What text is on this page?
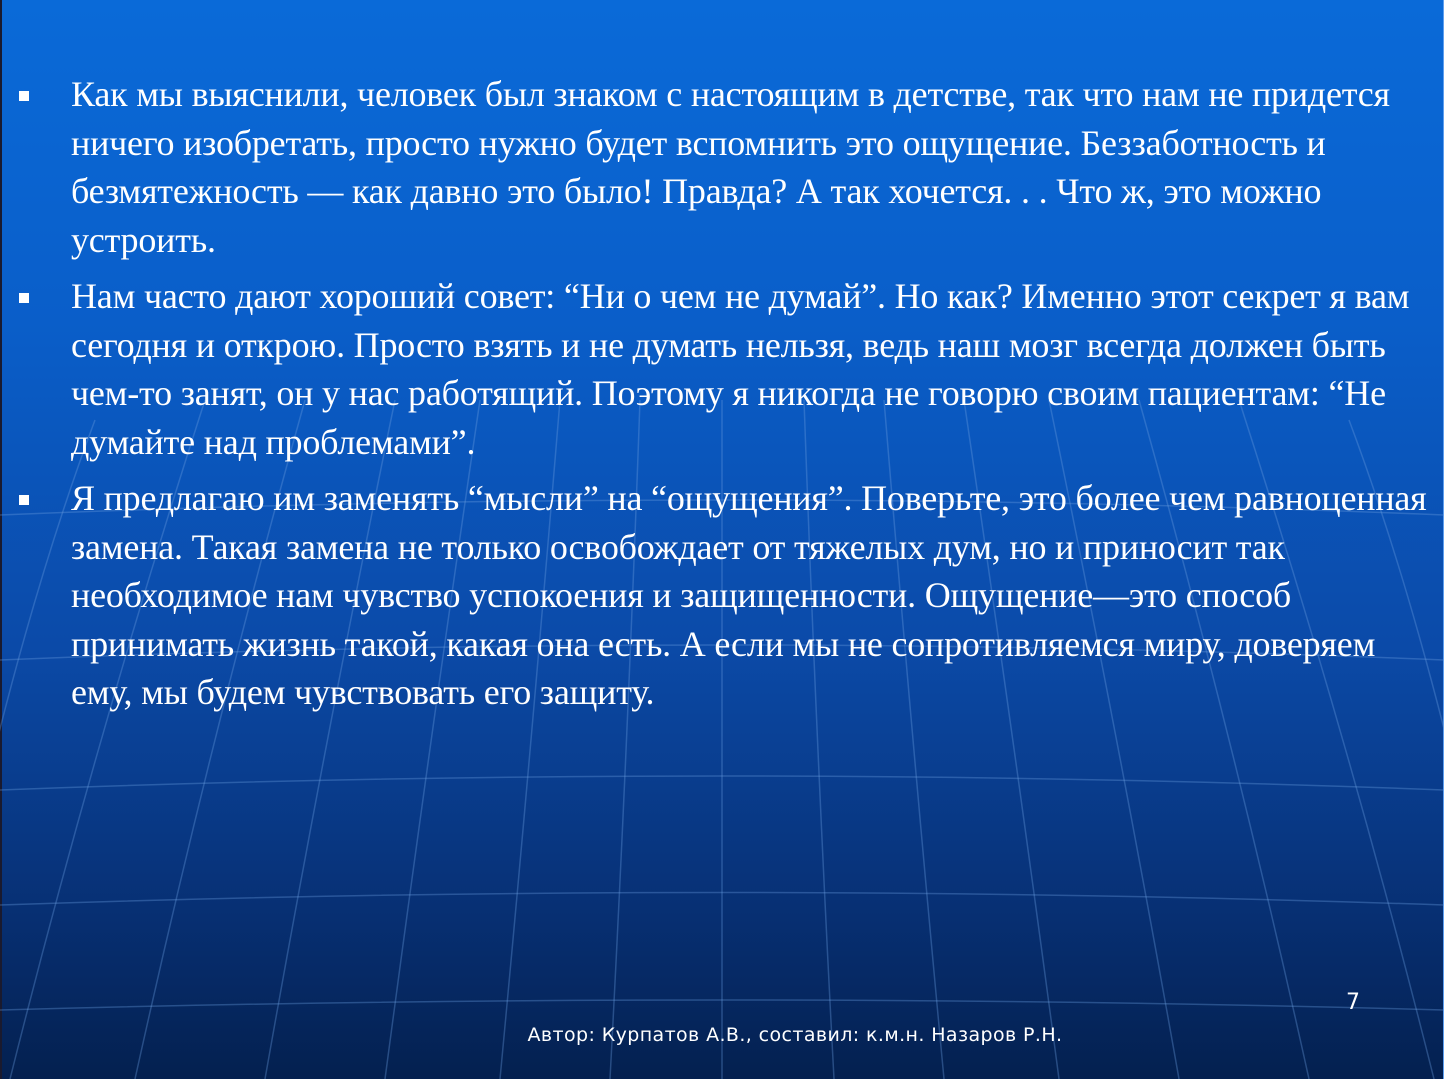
Как мы выяснили, человек был знаком с настоящим в детстве, так что нам не придется ничего изобретать, просто нужно будет вспомнить это ощущение. Беззаботность и безмятежность — как давно это было! Правда? А так хочется. . . Что ж, это можно устроить.
Нам часто дают хороший совет: “Ни о чем не думай”. Но как? Именно этот секрет я вам сегодня и открою. Просто взять и не думать нельзя, ведь наш мозг всегда должен быть чем-то занят, он у нас работящий. Поэтому я никогда не говорю своим пациентам: “Не думайте над проблемами”.
Я предлагаю им заменять “мысли” на “ощущения”. Поверьте, это более чем равноценная замена. Такая замена не только освобождает от тяжелых дум, но и приносит так необходимое нам чувство успокоения и защищенности. Ощущение—это способ принимать жизнь такой, какая она есть. А если мы не сопротивляемся миру, доверяем ему, мы будем чувствовать его защиту.
7
Автор: Курпатов А.В., составил: к.м.н. Назаров Р.Н.
